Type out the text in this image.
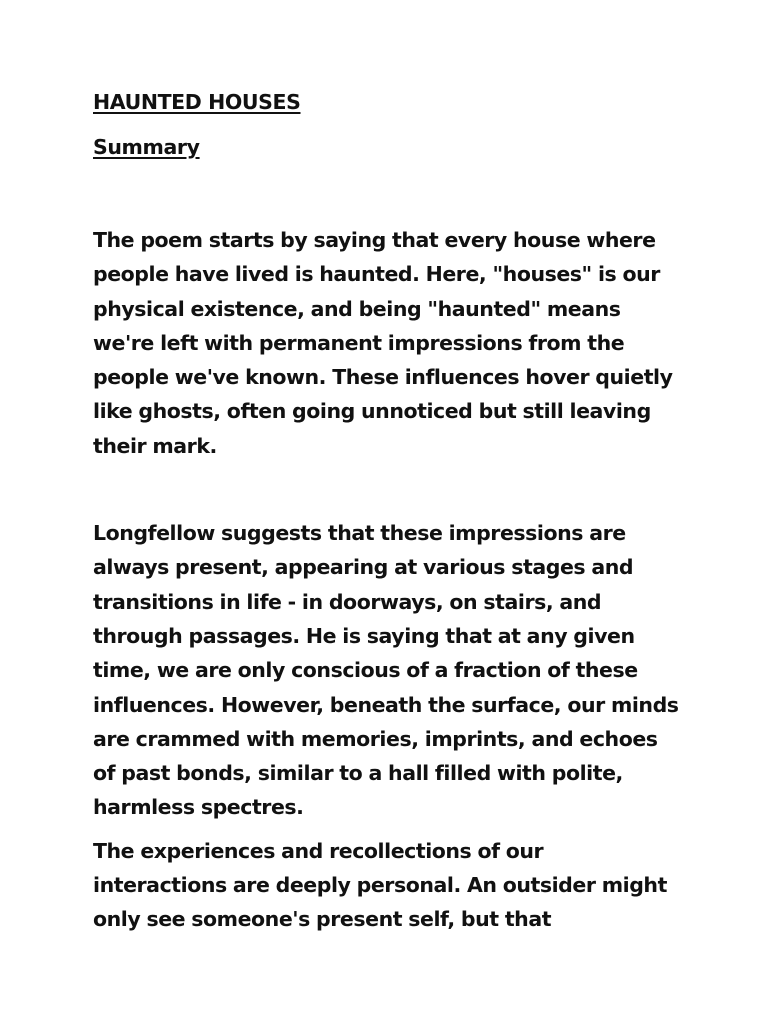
HAUNTED HOUSES

Summary

The poem starts by saying that every house where people have lived is haunted. Here, "houses" is our physical existence, and being "haunted" means we're left with permanent impressions from the people we've known. These influences hover quietly like ghosts, often going unnoticed but still leaving their mark.

Longfellow suggests that these impressions are always present, appearing at various stages and transitions in life - in doorways, on stairs, and through passages. He is saying that at any given time, we are only conscious of a fraction of these influences. However, beneath the surface, our minds are crammed with memories, imprints, and echoes of past bonds, similar to a hall filled with polite, harmless spectres.

The experiences and recollections of our interactions are deeply personal. An outsider might only see someone's present self, but that
